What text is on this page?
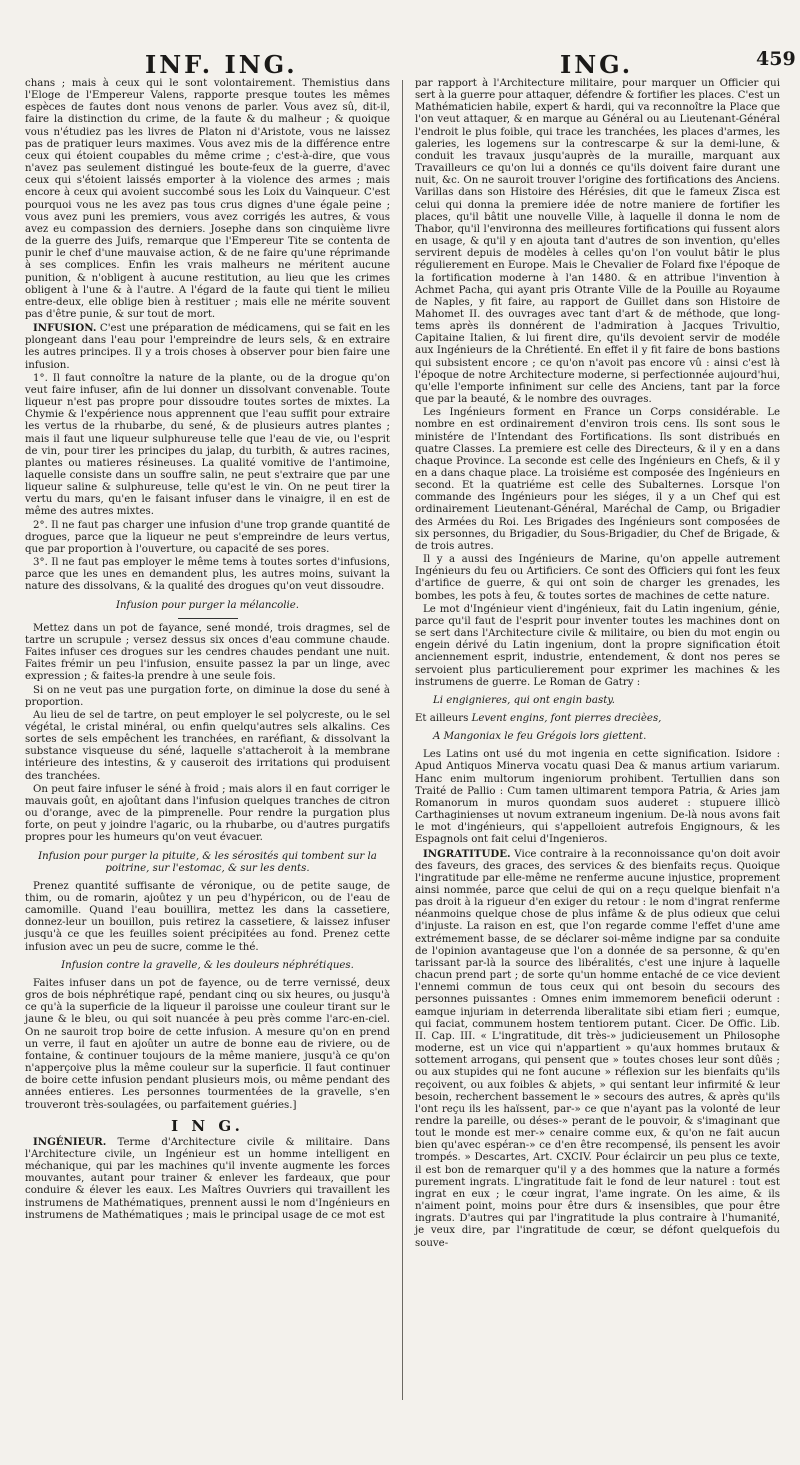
INF. ING.	ING.	459

chans ; mais à ceux qui le sont volontairement. Themistius dans l'Eloge de l'Empereur Valens, rapporte presque toutes les mêmes espèces de fautes dont nous venons de parler. Vous avez sû, dit-il, faire la distinction du crime, de la faute & du malheur ; & quoique vous n'étudiez pas les livres de Platon ni d'Aristote, vous ne laissez pas de pratiquer leurs maximes. Vous avez mis de la différence entre ceux qui étoient coupables du même crime ; c'est-à-dire, que vous n'avez pas seulement distingué les boute-feux de la guerre, d'avec ceux qui s'étoient laissés emporter à la violence des armes ; mais encore à ceux qui avoient succombé sous les Loix du Vainqueur. C'est pourquoi vous ne les avez pas tous crus dignes d'une égale peine ; vous avez puni les premiers, vous avez corrigés les autres, & vous avez eu compassion des derniers. Josephe dans son cinquième livre de la guerre des Juifs, remarque que l'Empereur Tite se contenta de punir le chef d'une mauvaise action, & de ne faire qu'une réprimande à ses complices. Enfin les vrais malheurs ne méritent aucune punition, & n'obligent à aucune restitution, au lieu que les crimes obligent à l'une & à l'autre. A l'égard de la faute qui tient le milieu entre-deux, elle oblige bien à restituer ; mais elle ne mérite souvent pas d'être punie, & sur tout de mort.

INFUSION. C'est une préparation de médicamens, qui se fait en les plongeant dans l'eau pour l'empreindre de leurs sels, & en extraire les autres principes. Il y a trois choses à observer pour bien faire une infusion.

1°. Il faut connoître la nature de la plante, ou de la drogue qu'on veut faire infuser, afin de lui donner un dissolvant convenable. Toute liqueur n'est pas propre pour dissoudre toutes sortes de mixtes. La Chymie & l'expérience nous apprennent que l'eau suffit pour extraire les vertus de la rhubarbe, du sené, & de plusieurs autres plantes ; mais il faut une liqueur sulphureuse telle que l'eau de vie, ou l'esprit de vin, pour tirer les principes du jalap, du turbith, & autres racines, plantes ou matieres résineuses. La qualité vomitive de l'antimoine, laquelle consiste dans un souffre salin, ne peut s'extraire que par une liqueur saline & sulphureuse, telle qu'est le vin. On ne peut tirer la vertu du mars, qu'en le faisant infuser dans le vinaigre, il en est de même des autres mixtes.

2°. Il ne faut pas charger une infusion d'une trop grande quantité de drogues, parce que la liqueur ne peut s'empreindre de leurs vertus, que par proportion à l'ouverture, ou capacité de ses pores.

3°. Il ne faut pas employer le même tems à toutes sortes d'infusions, parce que les unes en demandent plus, les autres moins, suivant la nature des dissolvans, & la qualité des drogues qu'on veut dissoudre.

Infusion pour purger la mélancolie.

Mettez dans un pot de fayance, sené mondé, trois dragmes, sel de tartre un scrupule ; versez dessus six onces d'eau commune chaude. Faites infuser ces drogues sur les cendres chaudes pendant une nuit. Faites frémir un peu l'infusion, ensuite passez la par un linge, avec expression ; & faites-la prendre à une seule fois.

Si on ne veut pas une purgation forte, on diminue la dose du sené à proportion.

Au lieu de sel de tartre, on peut employer le sel polycreste, ou le sel végétal, le cristal minéral, ou enfin quelqu'autres sels alkalins. Ces sortes de sels empêchent les tranchées, en raréfiant, & dissolvant la substance visqueuse du séné, laquelle s'attacheroit à la membrane intérieure des intestins, & y causeroit des irritations qui produisent des tranchées.

On peut faire infuser le séné à froid ; mais alors il en faut corriger le mauvais goût, en ajoûtant dans l'infusion quelques tranches de citron ou d'orange, avec de la pimprenelle. Pour rendre la purgation plus forte, on peut y joindre l'agaric, ou la rhubarbe, ou d'autres purgatifs propres pour les humeurs qu'on veut évacuer.

Infusion pour purger la pituite, & les sérosités qui tombent sur la poitrine, sur l'estomac, & sur les dents.

Prenez quantité suffisante de véronique, ou de petite sauge, de thim, ou de romarin, ajoûtez y un peu d'hypéricon, ou de l'eau de camomille. Quand l'eau bouillira, mettez les dans la cassetiere, donnez-leur un bouillon, puis retirez la cassetiere, & laissez infuser jusqu'à ce que les feuilles soient précipitées au fond. Prenez cette infusion avec un peu de sucre, comme le thé.

Infusion contre la gravelle, & les douleurs néphrétiques.

Faites infuser dans un pot de fayence, ou de terre vernissé, deux gros de bois néphrétique rapé, pendant cinq ou six heures, ou jusqu'à ce qu'à la superficie de la liqueur il paroisse une couleur tirant sur le jaune & le bleu, ou qui soit nuancée à peu près comme l'arc-en-ciel. On ne sauroit trop boire de cette infusion. A mesure qu'on en prend un verre, il faut en ajoûter un autre de bonne eau de riviere, ou de fontaine, & continuer toujours de la même maniere, jusqu'à ce qu'on n'apperçoive plus la même couleur sur la superficie. Il faut continuer de boire cette infusion pendant plusieurs mois, ou même pendant des années entieres. Les personnes tourmentées de la gravelle, s'en trouveront très-soulagées, ou parfaitement guéries.]

I N G.

INGÉNIEUR. Terme d'Architecture civile & militaire. Dans l'Architecture civile, un Ingénieur est un homme intelligent en méchanique, qui par les machines qu'il invente augmente les forces mouvantes, autant pour trainer & enlever les fardeaux, que pour conduire & élever les eaux. Les Maîtres Ouvriers qui travaillent les instrumens de Mathématiques, prennent aussi le nom d'Ingénieurs en instrumens de Mathématiques ; mais le principal usage de ce mot est

par rapport à l'Architecture militaire, pour marquer un Officier qui sert à la guerre pour attaquer, défendre & fortifier les places. C'est un Mathématicien habile, expert & hardi, qui va reconnoître la Place que l'on veut attaquer, & en marque au Général ou au Lieutenant-Général l'endroit le plus foible, qui trace les tranchées, les places d'armes, les galeries, les logemens sur la contrescarpe & sur la demi-lune, & conduit les travaux jusqu'auprès de la muraille, marquant aux Travailleurs ce qu'on lui a donnés ce qu'ils doivent faire durant une nuit, &c. On ne sauroit trouver l'origine des fortifications des Anciens. Varillas dans son Histoire des Hérésies, dit que le fameux Zisca est celui qui donna la premiere idée de notre maniere de fortifier les places, qu'il bâtit une nouvelle Ville, à laquelle il donna le nom de Thabor, qu'il l'environna des meilleures fortifications qui fussent alors en usage, & qu'il y en ajouta tant d'autres de son invention, qu'elles servirent depuis de modèles à celles qu'on l'on voulut bâtir le plus régulierement en Europe. Mais le Chevalier de Folard fixe l'époque de la fortification moderne à l'an 1480. & en attribue l'invention à Achmet Pacha, qui ayant pris Otrante Ville de la Pouille au Royaume de Naples, y fit faire, au rapport de Guillet dans son Histoire de Mahomet II. des ouvrages avec tant d'art & de méthode, que long-tems après ils donnérent de l'admiration à Jacques Trivultio, Capitaine Italien, & lui firent dire, qu'ils devoient servir de modéle aux Ingénieurs de la Chrétienté. En effet il y fit faire de bons bastions qui subsistent encore ; ce qu'on n'avoit pas encore vû : ainsi c'est là l'époque de notre Architecture moderne, si perfectionnée aujourd'hui, qu'elle l'emporte infiniment sur celle des Anciens, tant par la force que par la beauté, & le nombre des ouvrages.

Les Ingénieurs forment en France un Corps considérable. Le nombre en est ordinairement d'environ trois cens. Ils sont sous le ministére de l'Intendant des Fortifications. Ils sont distribués en quatre Classes. La premiere est celle des Directeurs, & il y en a dans chaque Province. La seconde est celle des Ingénieurs en Chefs, & il y en a dans chaque place. La troisiéme est composée des Ingénieurs en second. Et la quatriéme est celle des Subalternes. Lorsque l'on commande des Ingénieurs pour les siéges, il y a un Chef qui est ordinairement Lieutenant-Général, Maréchal de Camp, ou Brigadier des Armées du Roi. Les Brigades des Ingénieurs sont composées de six personnes, du Brigadier, du Sous-Brigadier, du Chef de Brigade, & de trois autres.

Il y a aussi des Ingénieurs de Marine, qu'on appelle autrement Ingénieurs du feu ou Artificiers. Ce sont des Officiers qui font les feux d'artifice de guerre, & qui ont soin de charger les grenades, les bombes, les pots à feu, & toutes sortes de machines de cette nature.

Le mot d'Ingénieur vient d'ingénieux, fait du Latin ingenium, génie, parce qu'il faut de l'esprit pour inventer toutes les machines dont on se sert dans l'Architecture civile & militaire, ou bien du mot engin ou engein dérivé du Latin ingenium, dont la propre signification étoit anciennement esprit, industrie, entendement, & dont nos peres se servoient plus particulierement pour exprimer les machines & les instrumens de guerre. Le Roman de Gatry :

Li engignieres, qui ont engin basty.

Et ailleurs Levent engins, font pierres drecièes,

A Mangoniax le feu Grégois lors giettent.

Les Latins ont usé du mot ingenia en cette signification. Isidore : Apud Antiquos Minerva vocatu quasi Dea & manus artium variarum. Hanc enim multorum ingeniorum prohibent. Tertullien dans son Traité de Pallio : Cum tamen ultimarent tempora Patria, & Aries jam Romanorum in muros quondam suos auderet : stupuere illicò Carthaginienses ut novum extraneum ingenium. De-là nous avons fait le mot d'ingénieurs, qui s'appelloient autrefois Engignours, & les Espagnols ont fait celui d'Ingenieros.

INGRATITUDE. Vice contraire à la reconnoissance qu'on doit avoir des faveurs, des graces, des services & des bienfaits reçus. Quoique l'ingratitude par elle-même ne renferme aucune injustice, proprement ainsi nommée, parce que celui de qui on a reçu quelque bienfait n'a pas droit à la rigueur d'en exiger du retour : le nom d'ingrat renferme néanmoins quelque chose de plus infâme & de plus odieux que celui d'injuste. La raison en est, que l'on regarde comme l'effet d'une ame extrémement basse, de se déclarer soi-même indigne par sa conduite de l'opinion avantageuse que l'on a donnée de sa personne, & qu'en tarissant par-là la source des libéralités, c'est une injure à laquelle chacun prend part ; de sorte qu'un homme entaché de ce vice devient l'ennemi commun de tous ceux qui ont besoin du secours des personnes puissantes : Omnes enim immemorem beneficii oderunt : eamque injuriam in deterrenda liberalitate sibi etiam fieri ; eumque, qui faciat, communem hostem tentiorem putant. Cicer. De Offic. Lib. II. Cap. III. « L'ingratitude, dit très-» judicieusement un Philosophe moderne, est un vice qui n'appartient » qu'aux hommes brutaux & sottement arrogans, qui pensent que » toutes choses leur sont dûës ; ou aux stupides qui ne font aucune » réflexion sur les bienfaits qu'ils reçoivent, ou aux foibles & abjets, » qui sentant leur infirmité & leur besoin, recherchent bassement le » secours des autres, & après qu'ils l'ont reçu ils les haïssent, par-» ce que n'ayant pas la volonté de leur rendre la pareille, ou déses-» perant de le pouvoir, & s'imaginant que tout le monde est mer-» cenaire comme eux, & qu'on ne fait aucun bien qu'avec espéran-» ce d'en être recompensé, ils pensent les avoir trompés. » Descartes, Art. CXCIV. Pour éclaircir un peu plus ce texte, il est bon de remarquer qu'il y a des hommes que la nature a formés purement ingrats. L'ingratitude fait le fond de leur naturel : tout est ingrat en eux ; le cœur ingrat, l'ame ingrate. On les aime, & ils n'aiment point, moins pour être durs & insensibles, que pour être ingrats. D'autres qui par l'ingratitude la plus contraire à l'humanité, je veux dire, par l'ingratitude de cœur, se défont quelquefois du souve-
